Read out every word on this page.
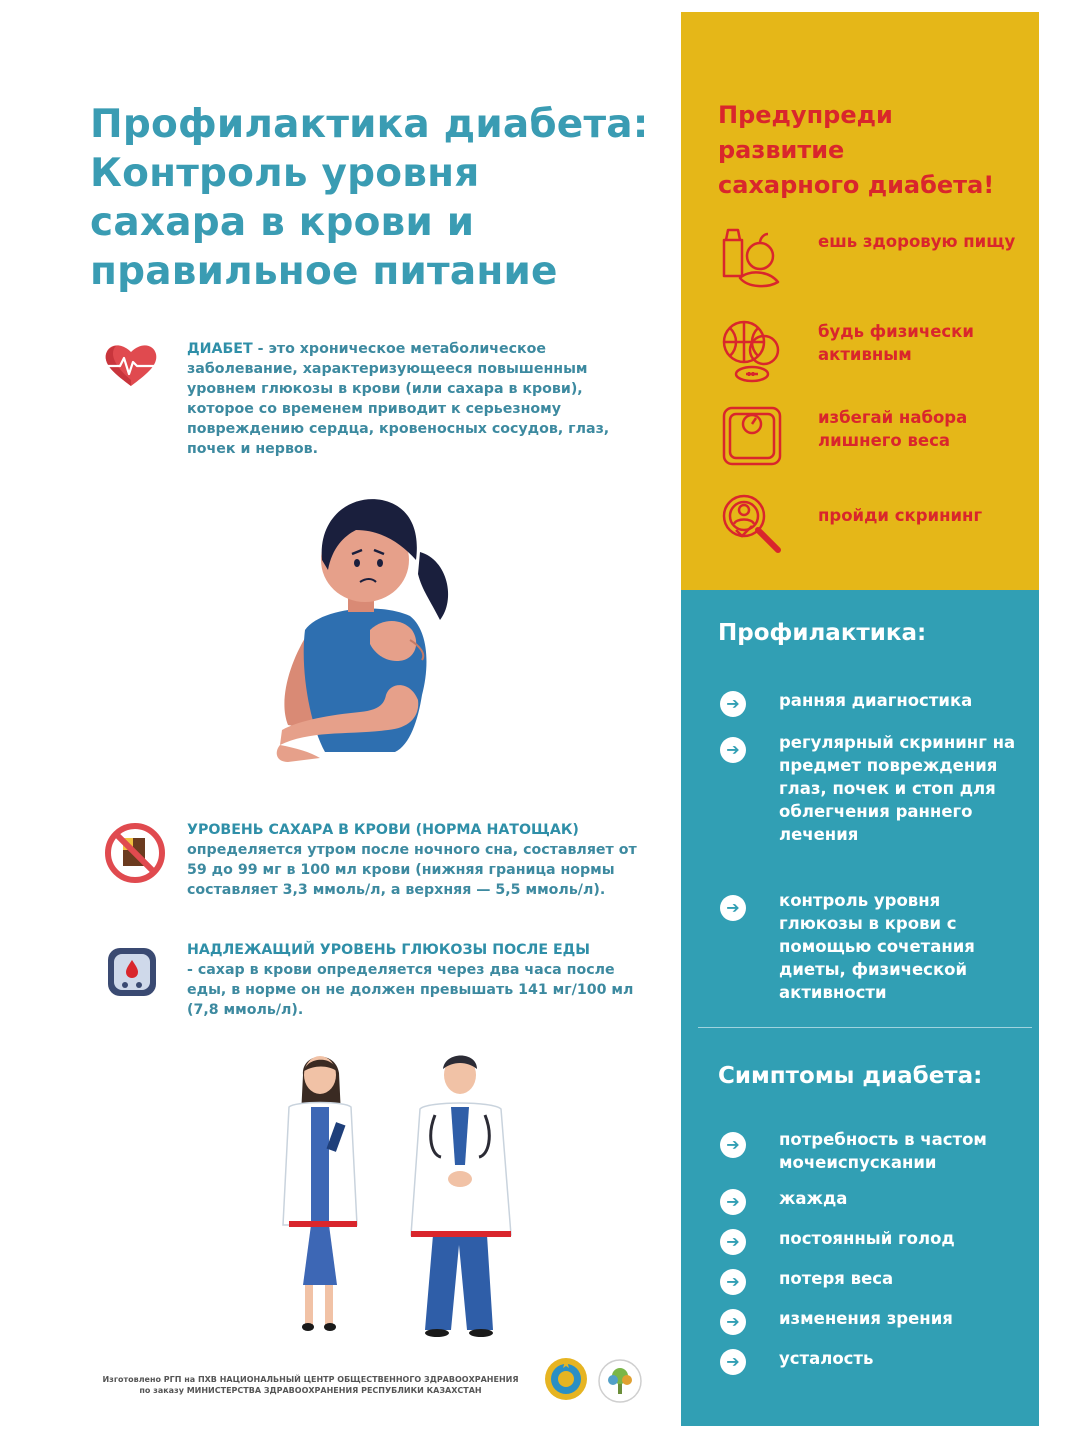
Профилактика диабета:
Контроль уровня
сахара в крови и
правильное питание
ДИАБЕТ - это хроническое метаболическое заболевание, характеризующееся повышенным уровнем глюкозы в крови (или сахара в крови), которое со временем приводит к серьезному повреждению сердца, кровеносных сосудов, глаз, почек и нервов.
УРОВЕНЬ САХАРА В КРОВИ (НОРМА НАТОЩАК)
определяется утром после ночного сна, составляет от 59 до 99 мг в 100 мл крови (нижняя граница нормы составляет 3,3 ммоль/л, а верхняя — 5,5 ммоль/л).
НАДЛЕЖАЩИЙ УРОВЕНЬ ГЛЮКОЗЫ ПОСЛЕ ЕДЫ
- сахар в крови определяется через два часа после еды, в норме он не должен превышать 141 мг/100 мл (7,8 ммоль/л).
Изготовлено РГП на ПХВ НАЦИОНАЛЬНЫЙ ЦЕНТР ОБЩЕСТВЕННОГО ЗДРАВООХРАНЕНИЯ
по заказу МИНИСТЕРСТВА ЗДРАВООХРАНЕНИЯ РЕСПУБЛИКИ КАЗАХСТАН
Предупреди
развитие
сахарного диабета!
ешь здоровую пищу
будь физически активным
избегай набора лишнего веса
пройди скрининг
Профилактика:
➔	ранняя диагностика
➔	регулярный скрининг на предмет повреждения глаз, почек и стоп для облегчения раннего лечения
➔	контроль уровня глюкозы в крови с помощью сочетания диеты, физической активности
Симптомы диабета:
➔	потребность в частом мочеиспускании
➔	жажда
➔	постоянный голод
➔	потеря веса
➔	изменения зрения
➔	усталость
